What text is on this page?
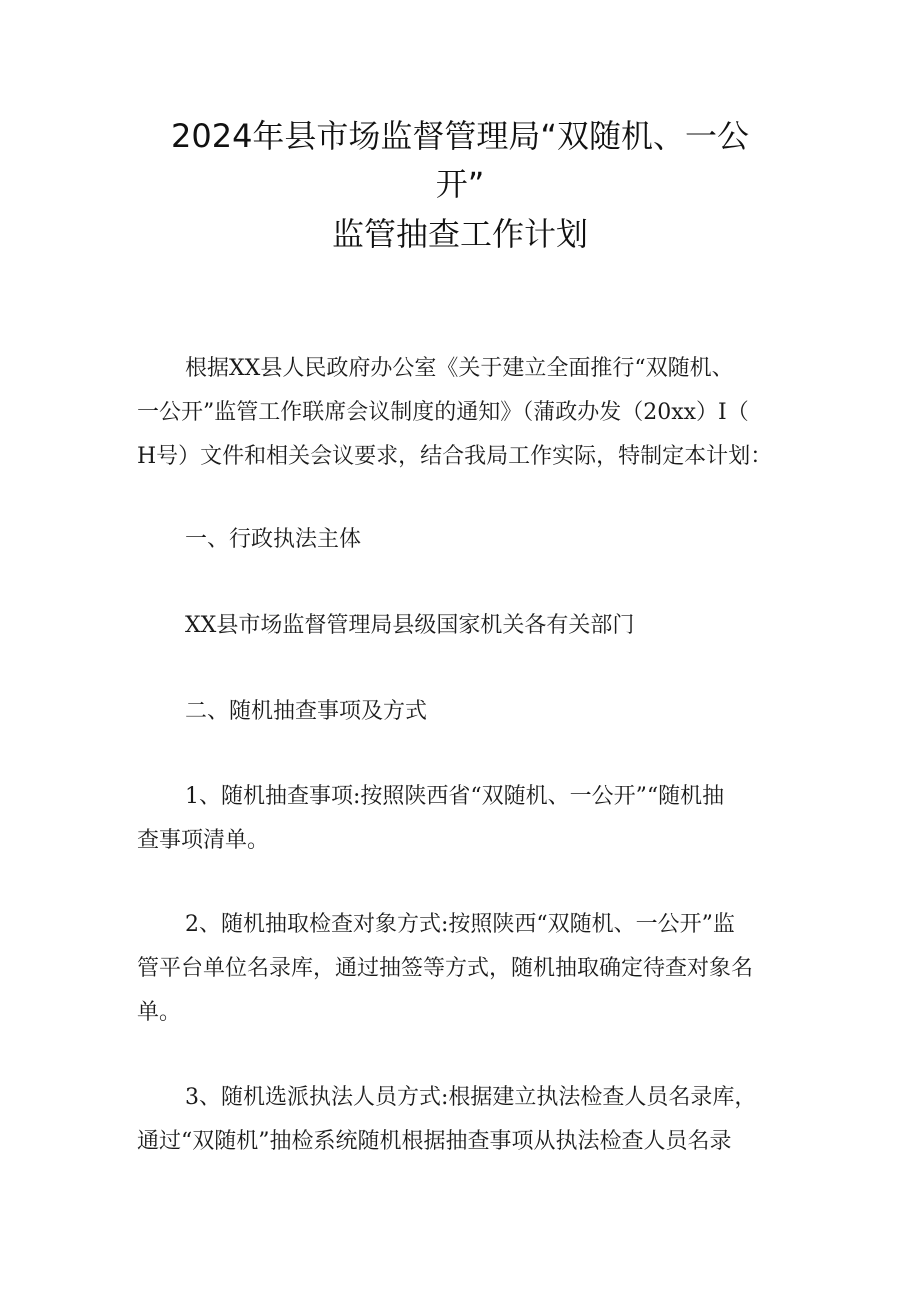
2024年县市场监督管理局“双随机、一公
开”
监管抽查工作计划
根据XX县人民政府办公室《关于建立全面推行“双随机、
一公开”监管工作联席会议制度的通知》（蒲政办发（20xx）I（
H号）文件和相关会议要求，结合我局工作实际，特制定本计划：
一、行政执法主体
XX县市场监督管理局县级国家机关各有关部门
二、随机抽查事项及方式
1、随机抽查事项:按照陕西省“双随机、一公开”“随机抽
查事项清单。
2、随机抽取检查对象方式:按照陕西“双随机、一公开”监
管平台单位名录库，通过抽签等方式，随机抽取确定待查对象名
单。
3、随机选派执法人员方式:根据建立执法检查人员名录库，
通过“双随机”抽检系统随机根据抽查事项从执法检查人员名录
